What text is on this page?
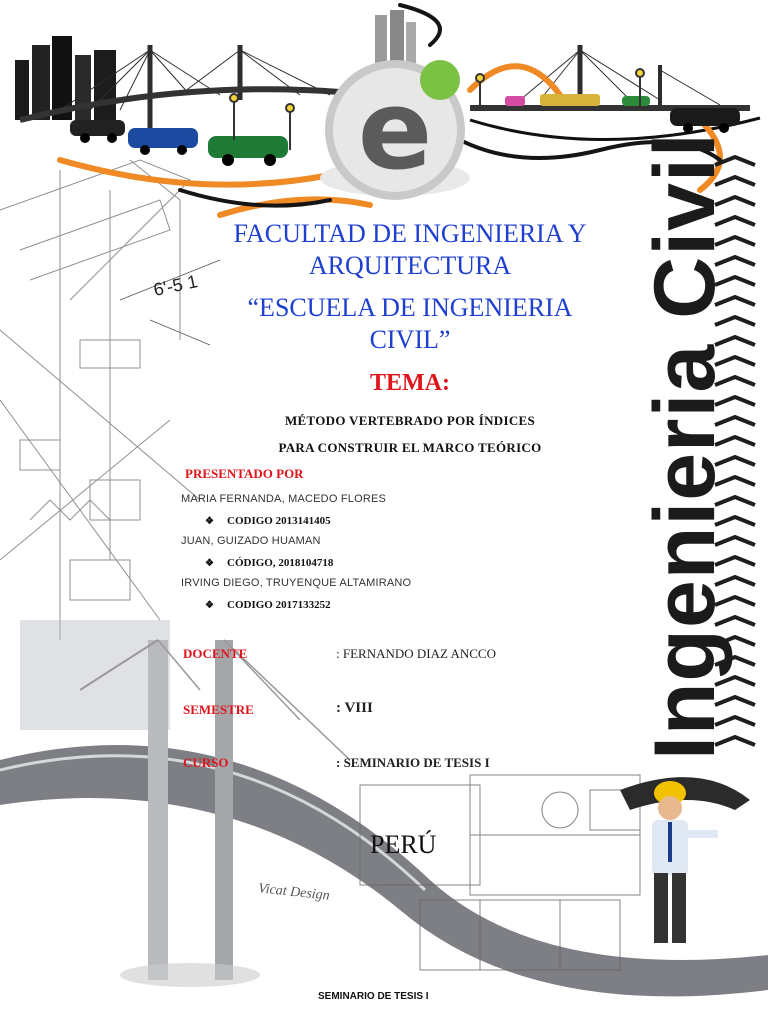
6'-5 1
e
Ingenieria Civil
Vicat Design
FACULTAD DE INGENIERIA Y
ARQUITECTURA
“ESCUELA DE INGENIERIA
CIVIL”
TEMA:
MÉTODO VERTEBRADO POR ÍNDICES
PARA CONSTRUIR EL MARCO TEÓRICO
PRESENTADO POR
MARIA FERNANDA, MACEDO FLORES
❖ CODIGO 2013141405
JUAN, GUIZADO HUAMAN
❖ CÓDIGO, 2018104718
IRVING DIEGO, TRUYENQUE ALTAMIRANO
❖ CODIGO 2017133252
DOCENTE	: FERNANDO DIAZ ANCCO
SEMESTRE	: VIII
CURSO	: SEMINARIO DE TESIS I
PERÚ
SEMINARIO DE TESIS I
